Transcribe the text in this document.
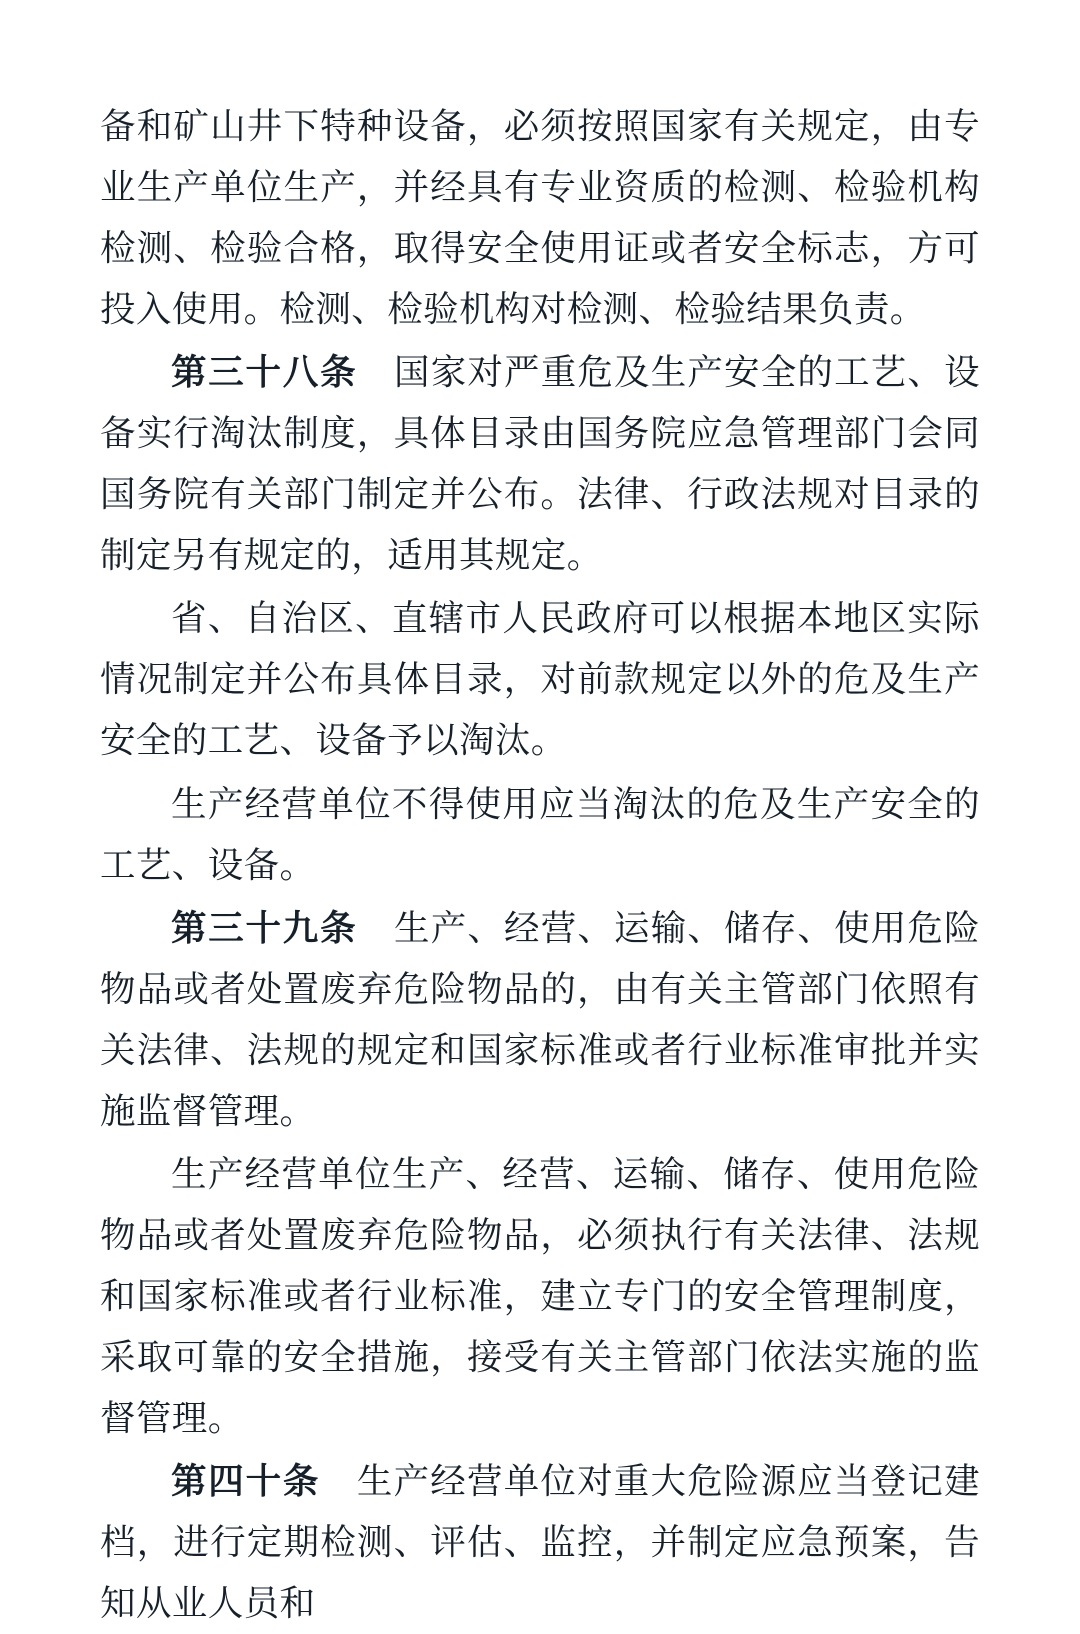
备和矿山井下特种设备，必须按照国家有关规定，由专业生产单位生产，并经具有专业资质的检测、检验机构检测、检验合格，取得安全使用证或者安全标志，方可投入使用。检测、检验机构对检测、检验结果负责。

第三十八条　 国家对严重危及生产安全的工艺、设备实行淘汰制度，具体目录由国务院应急管理部门会同国务院有关部门制定并公布。法律、行政法规对目录的制定另有规定的，适用其规定。

省、自治区、直辖市人民政府可以根据本地区实际情况制定并公布具体目录，对前款规定以外的危及生产安全的工艺、设备予以淘汰。

生产经营单位不得使用应当淘汰的危及生产安全的工艺、设备。

第三十九条　 生产、经营、运输、储存、使用危险物品或者处置废弃危险物品的，由有关主管部门依照有关法律、法规的规定和国家标准或者行业标准审批并实施监督管理。

生产经营单位生产、经营、运输、储存、使用危险物品或者处置废弃危险物品，必须执行有关法律、法规和国家标准或者行业标准，建立专门的安全管理制度，采取可靠的安全措施，接受有关主管部门依法实施的监督管理。

第四十条　 生产经营单位对重大危险源应当登记建档，进行定期检测、评估、监控，并制定应急预案，告知从业人员和
